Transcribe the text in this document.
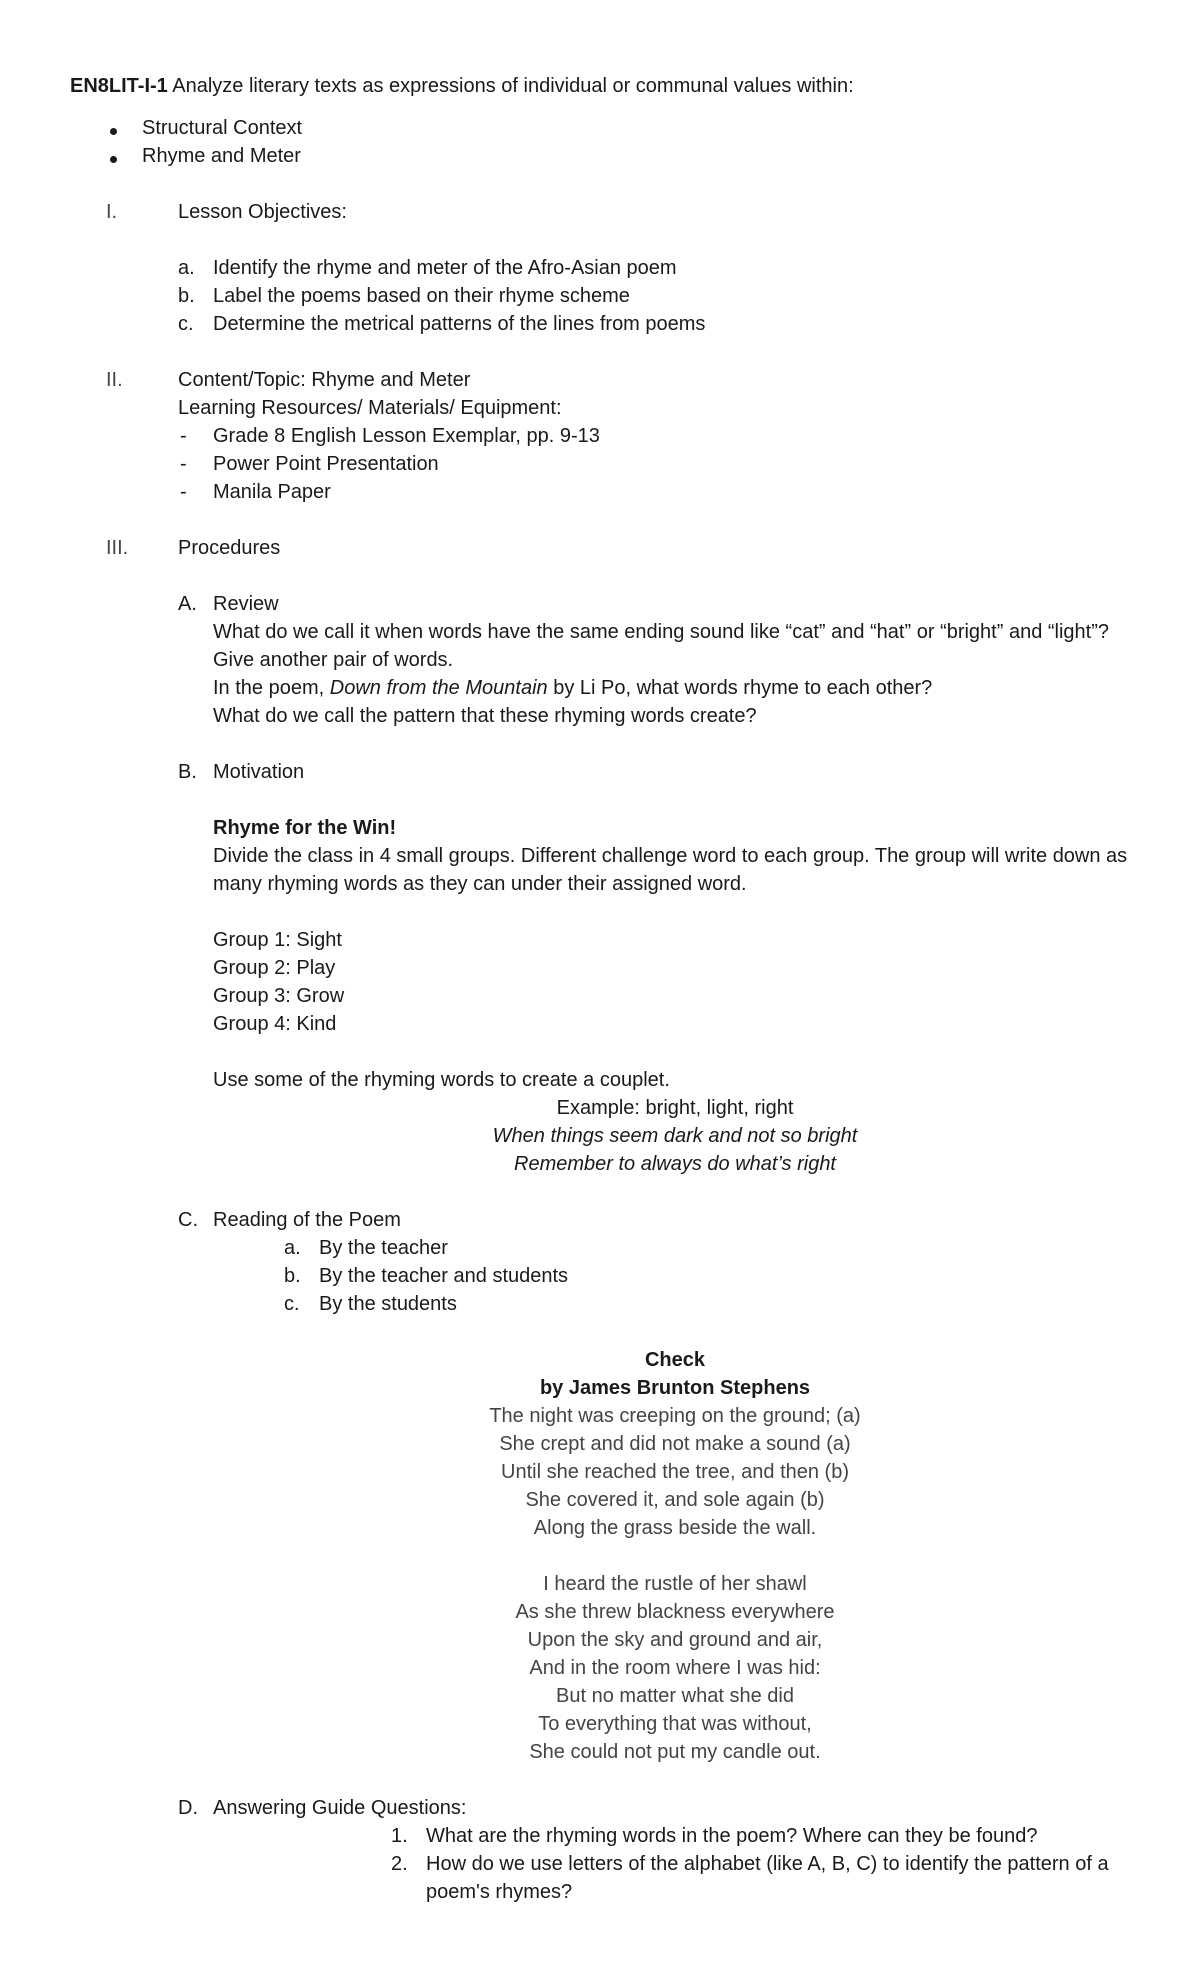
EN8LIT-I-1 Analyze literary texts as expressions of individual or communal values within:
Structural Context
Rhyme and Meter
I.	Lesson Objectives:
a. Identify the rhyme and meter of the Afro-Asian poem
b. Label the poems based on their rhyme scheme
c. Determine the metrical patterns of the lines from poems
II.	Content/Topic: Rhyme and Meter
Learning Resources/ Materials/ Equipment:
- Grade 8 English Lesson Exemplar, pp. 9-13
- Power Point Presentation
- Manila Paper
III. Procedures
A. Review
What do we call it when words have the same ending sound like “cat” and “hat” or “bright” and “light”?
Give another pair of words.
In the poem, Down from the Mountain by Li Po, what words rhyme to each other?
What do we call the pattern that these rhyming words create?
B. Motivation
Rhyme for the Win!
Divide the class in 4 small groups. Different challenge word to each group. The group will write down as
many rhyming words as they can under their assigned word.
Group 1: Sight
Group 2: Play
Group 3: Grow
Group 4: Kind
Use some of the rhyming words to create a couplet.
Example: bright, light, right
When things seem dark and not so bright
Remember to always do what’s right
C. Reading of the Poem
a. By the teacher
b. By the teacher and students
c. By the students
Check
by James Brunton Stephens
The night was creeping on the ground; (a)
She crept and did not make a sound (a)
Until she reached the tree, and then (b)
She covered it, and sole again (b)
Along the grass beside the wall.
I heard the rustle of her shawl
As she threw blackness everywhere
Upon the sky and ground and air,
And in the room where I was hid:
But no matter what she did
To everything that was without,
She could not put my candle out.
D. Answering Guide Questions:
1. What are the rhyming words in the poem? Where can they be found?
2. How do we use letters of the alphabet (like A, B, C) to identify the pattern of a
poem's rhymes?
